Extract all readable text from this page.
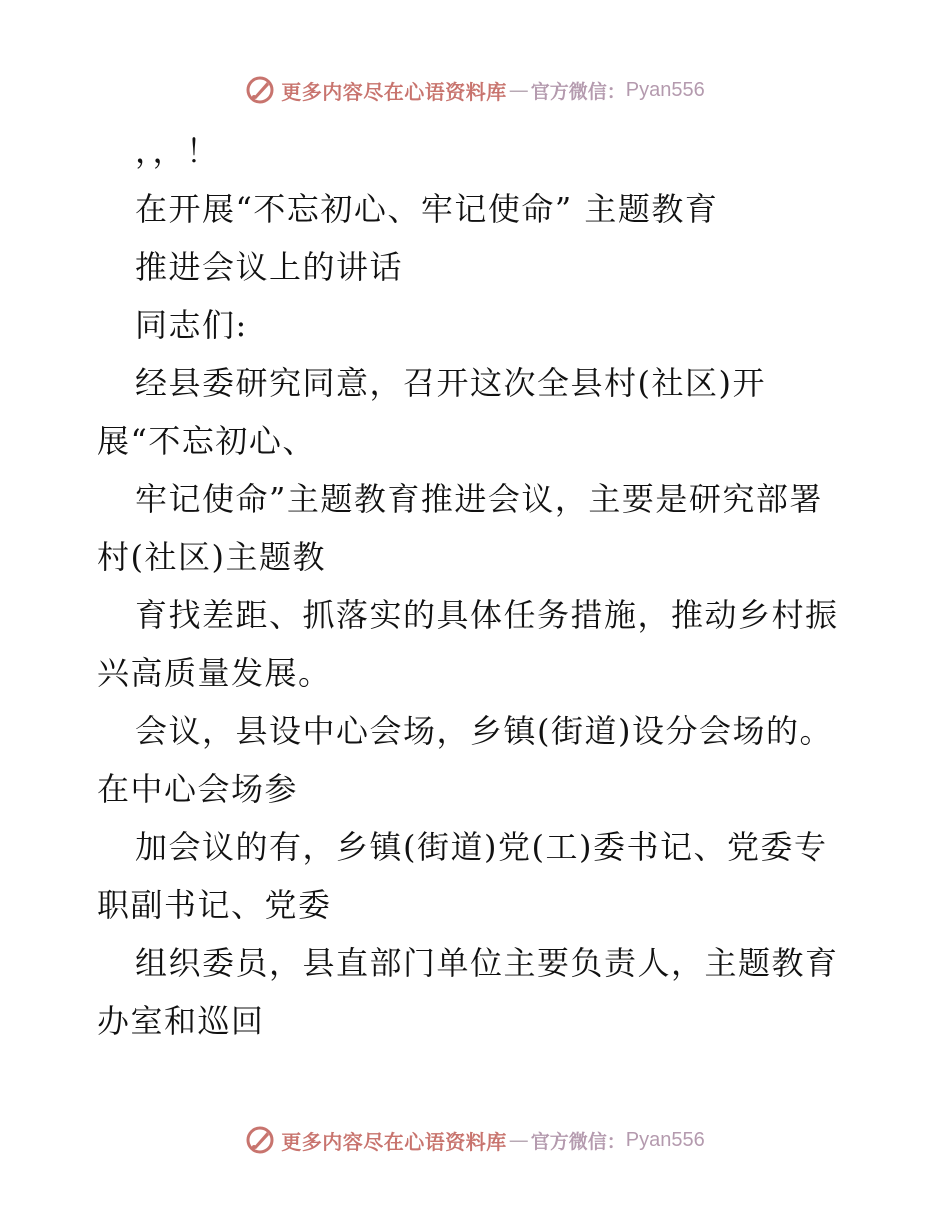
更多内容尽在心语资料库 — 官方微信： Pyan556
，，！
在开展“不忘初心、牢记使命” 主题教育
推进会议上的讲话
同志们:
经县委研究同意，召开这次全县村(社区)开
展“不忘初心、
牢记使命”主题教育推进会议，主要是研究部署
村(社区)主题教
育找差距、抓落实的具体任务措施，推动乡村振
兴高质量发展。
会议，县设中心会场，乡镇(街道)设分会场的。
在中心会场参
加会议的有，乡镇(街道)党(工)委书记、党委专
职副书记、党委
组织委员，县直部门单位主要负责人，主题教育
办室和巡回
更多内容尽在心语资料库 — 官方微信： Pyan556
